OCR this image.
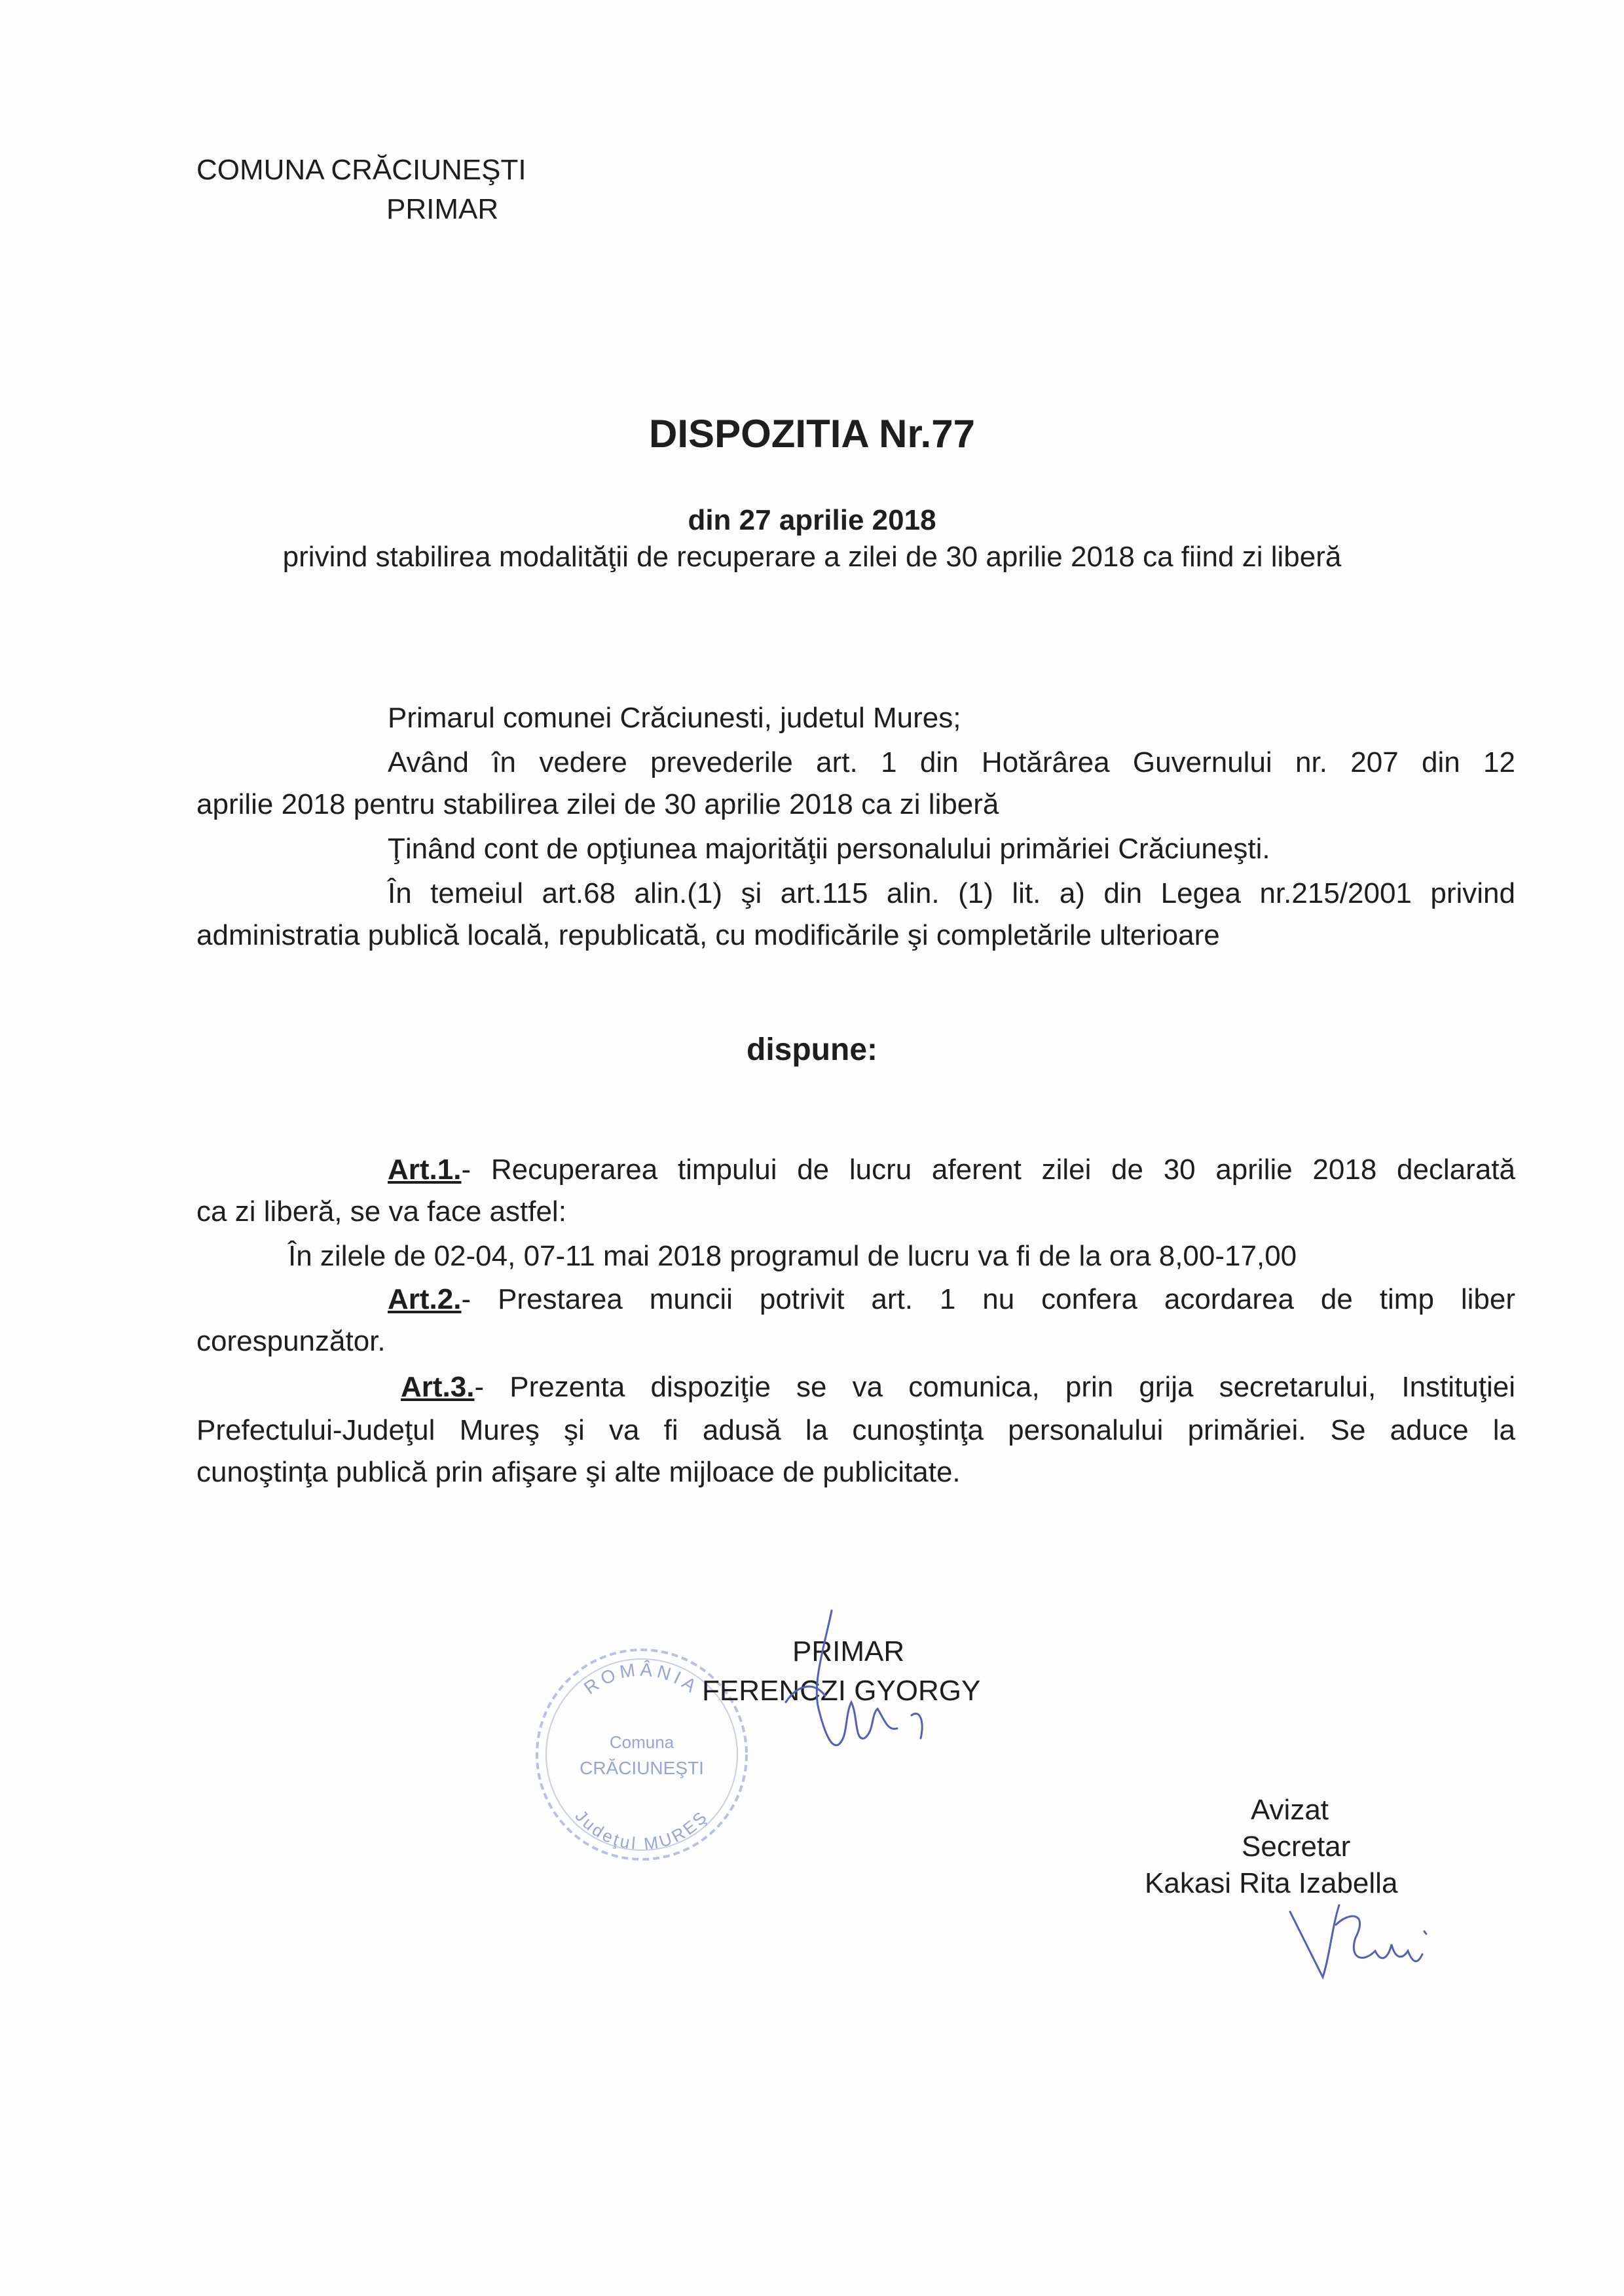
COMUNA CRĂCIUNEŞTI
PRIMAR
DISPOZITIA Nr.77
din 27 aprilie 2018
privind stabilirea modalităţii de recuperare a zilei de 30 aprilie 2018 ca fiind zi liberă
Primarul comunei Crăciunesti, judetul Mures;
Având în vedere prevederile art. 1 din Hotărârea Guvernului nr. 207 din 12
aprilie 2018 pentru stabilirea zilei de 30 aprilie 2018 ca zi liberă
Ţinând cont de opţiunea majorităţii personalului primăriei Crăciuneşti.
În temeiul art.68 alin.(1) şi art.115 alin. (1) lit. a) din Legea nr.215/2001 privind
administratia publică locală, republicată, cu modificările şi completările ulterioare
dispune:
Art.1.- Recuperarea timpului de lucru aferent zilei de 30 aprilie 2018 declarată
ca zi liberă, se va face astfel:
În zilele de 02-04, 07-11 mai 2018 programul de lucru va fi de la ora 8,00-17,00
Art.2.- Prestarea muncii potrivit art. 1 nu confera acordarea de timp liber
corespunzător.
Art.3.- Prezenta dispoziţie se va comunica, prin grija secretarului, Instituţiei
Prefectului-Judeţul Mureş şi va fi adusă la cunoştinţa personalului primăriei. Se aduce la
cunoştinţa publică prin afişare şi alte mijloace de publicitate.
ROMÂNIA
Comuna
CRĂCIUNEŞTI
Judeţul MUREŞ
PRIMAR
FERENCZI GYORGY
Avizat
Secretar
Kakasi Rita Izabella
